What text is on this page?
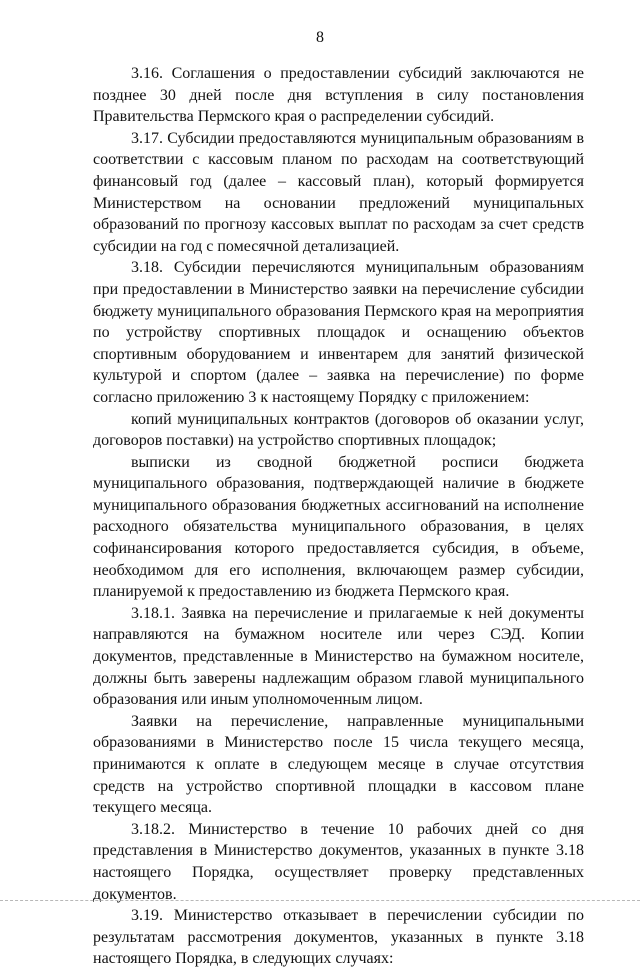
8

3.16. Соглашения о предоставлении субсидий заключаются не позднее 30 дней после дня вступления в силу постановления Правительства Пермского края о распределении субсидий.

3.17. Субсидии предоставляются муниципальным образованиям в соответствии с кассовым планом по расходам на соответствующий финансовый год (далее – кассовый план), который формируется Министерством на основании предложений муниципальных образований по прогнозу кассовых выплат по расходам за счет средств субсидии на год с помесячной детализацией.

3.18. Субсидии перечисляются муниципальным образованиям при предоставлении в Министерство заявки на перечисление субсидии бюджету муниципального образования Пермского края на мероприятия по устройству спортивных площадок и оснащению объектов спортивным оборудованием и инвентарем для занятий физической культурой и спортом (далее – заявка на перечисление) по форме согласно приложению 3 к настоящему Порядку с приложением:

копий муниципальных контрактов (договоров об оказании услуг, договоров поставки) на устройство спортивных площадок;

выписки из сводной бюджетной росписи бюджета муниципального образования, подтверждающей наличие в бюджете муниципального образования бюджетных ассигнований на исполнение расходного обязательства муниципального образования, в целях софинансирования которого предоставляется субсидия, в объеме, необходимом для его исполнения, включающем размер субсидии, планируемой к предоставлению из бюджета Пермского края.

3.18.1. Заявка на перечисление и прилагаемые к ней документы направляются на бумажном носителе или через СЭД. Копии документов, представленные в Министерство на бумажном носителе, должны быть заверены надлежащим образом главой муниципального образования или иным уполномоченным лицом.

Заявки на перечисление, направленные муниципальными образованиями в Министерство после 15 числа текущего месяца, принимаются к оплате в следующем месяце в случае отсутствия средств на устройство спортивной площадки в кассовом плане текущего месяца.

3.18.2. Министерство в течение 10 рабочих дней со дня представления в Министерство документов, указанных в пункте 3.18 настоящего Порядка, осуществляет проверку представленных документов.

3.19. Министерство отказывает в перечислении субсидии по результатам рассмотрения документов, указанных в пункте 3.18 настоящего Порядка, в следующих случаях:
